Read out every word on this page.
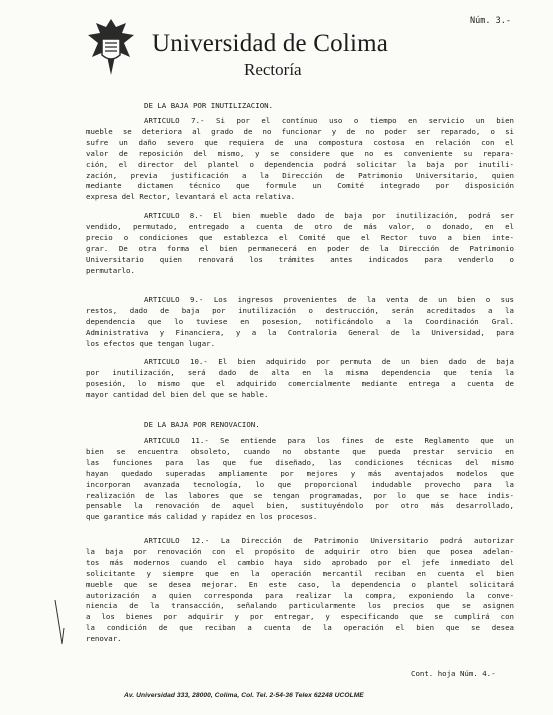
Núm. 3.-
Universidad de Colima
Rectoría
DE LA BAJA POR INUTILIZACION.
ARTICULO 7.- Si por el contínuo uso o tiempo en servicio un bien
mueble se deteriora al grado de no funcionar y de no poder ser reparado, o si
sufre un daño severo que requiera de una compostura costosa en relación con el
valor de reposición del mismo, y se considere que no es conveniente su repara-
ción, el director del plantel o dependencia podrá solicitar la baja por inutili-
zación, previa justificación a la Dirección de Patrimonio Universitario, quien
mediante dictamen técnico que formule un Comité integrado por disposición
expresa del Rector, levantará el acta relativa.
ARTICULO 8.- El bien mueble dado de baja por inutilización, podrá ser
vendido, permutado, entregado a cuenta de otro de más valor, o donado, en el
precio o condiciones que establezca el Comité que el Rector tuvo a bien inte-
grar. De otra forma el bien permanecerá en poder de la Dirección de Patrimonio
Universitario quien renovará los trámites antes indicados para venderlo o
permutarlo.
ARTICULO 9.- Los ingresos provenientes de la venta de un bien o sus
restos, dado de baja por inutilización o destrucción, serán acreditados a la
dependencia que lo tuviese en posesion, notificándolo a la Coordinación Gral.
Administrativa y Financiera, y a la Contraloría General de la Universidad, para
los efectos que tengan lugar.
ARTICULO 10.- El bien adquirido por permuta de un bien dado de baja
por inutilización, será dado de alta en la misma dependencia que tenía la
posesión, lo mismo que el adquirido comercialmente mediante entrega a cuenta de
mayor cantidad del bien del que se hable.
DE LA BAJA POR RENOVACION.
ARTICULO 11.- Se entiende para los fines de este Reglamento que un
bien se encuentra obsoleto, cuando no obstante que pueda prestar servicio en
las funciones para las que fue diseñado, las condiciones técnicas del mismo
hayan quedado superadas ampliamente por mejores y más aventajados modelos que
incorporan avanzada tecnología, lo que proporcional indudable provecho para la
realización de las labores que se tengan programadas, por lo que se hace indis-
pensable la renovación de aquel bien, sustituyéndolo por otro más desarrollado,
que garantice más calidad y rapidez en los procesos.
ARTICULO 12.- La Dirección de Patrimonio Universitario podrá autorizar
la baja por renovación con el propósito de adquirir otro bien que posea adelan-
tos más modernos cuando el cambio haya sido aprobado por el jefe inmediato del
solicitante y siempre que en la operación mercantil reciban en cuenta el bien
mueble que se desea mejorar. En este caso, la dependencia o plantel solicitará
autorización a quien corresponda para realizar la compra, exponiendo la conve-
niencia de la transacción, señalando particularmente los precios que se asignen
a los bienes por adquirir y por entregar, y especificando que se cumplirá con
la condición de que reciban a cuenta de la operación el bien que se desea
renovar.
Cont. hoja Núm. 4.-
Av. Universidad 333, 28000, Colima, Col. Tel. 2-54-36 Telex 62248 UCOLME
